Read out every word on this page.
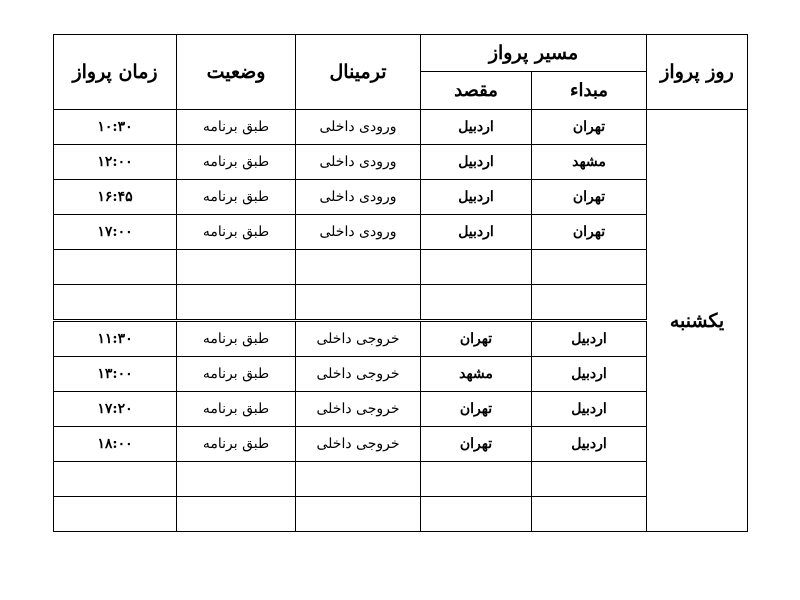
روز پرواز	مسیر پرواز		ترمینال	وضعیت	زمان پرواز
	مبداء	مقصد			
یکشنبه	تهران	اردبیل	ورودی داخلی	طبق برنامه	۱۰:۳۰
	مشهد	اردبیل	ورودی داخلی	طبق برنامه	۱۲:۰۰
	تهران	اردبیل	ورودی داخلی	طبق برنامه	۱۶:۴۵
	تهران	اردبیل	ورودی داخلی	طبق برنامه	۱۷:۰۰

	اردبیل	تهران	خروجی داخلی	طبق برنامه	۱۱:۳۰
	اردبیل	مشهد	خروجی داخلی	طبق برنامه	۱۳:۰۰
	اردبیل	تهران	خروجی داخلی	طبق برنامه	۱۷:۲۰
	اردبیل	تهران	خروجی داخلی	طبق برنامه	۱۸:۰۰
